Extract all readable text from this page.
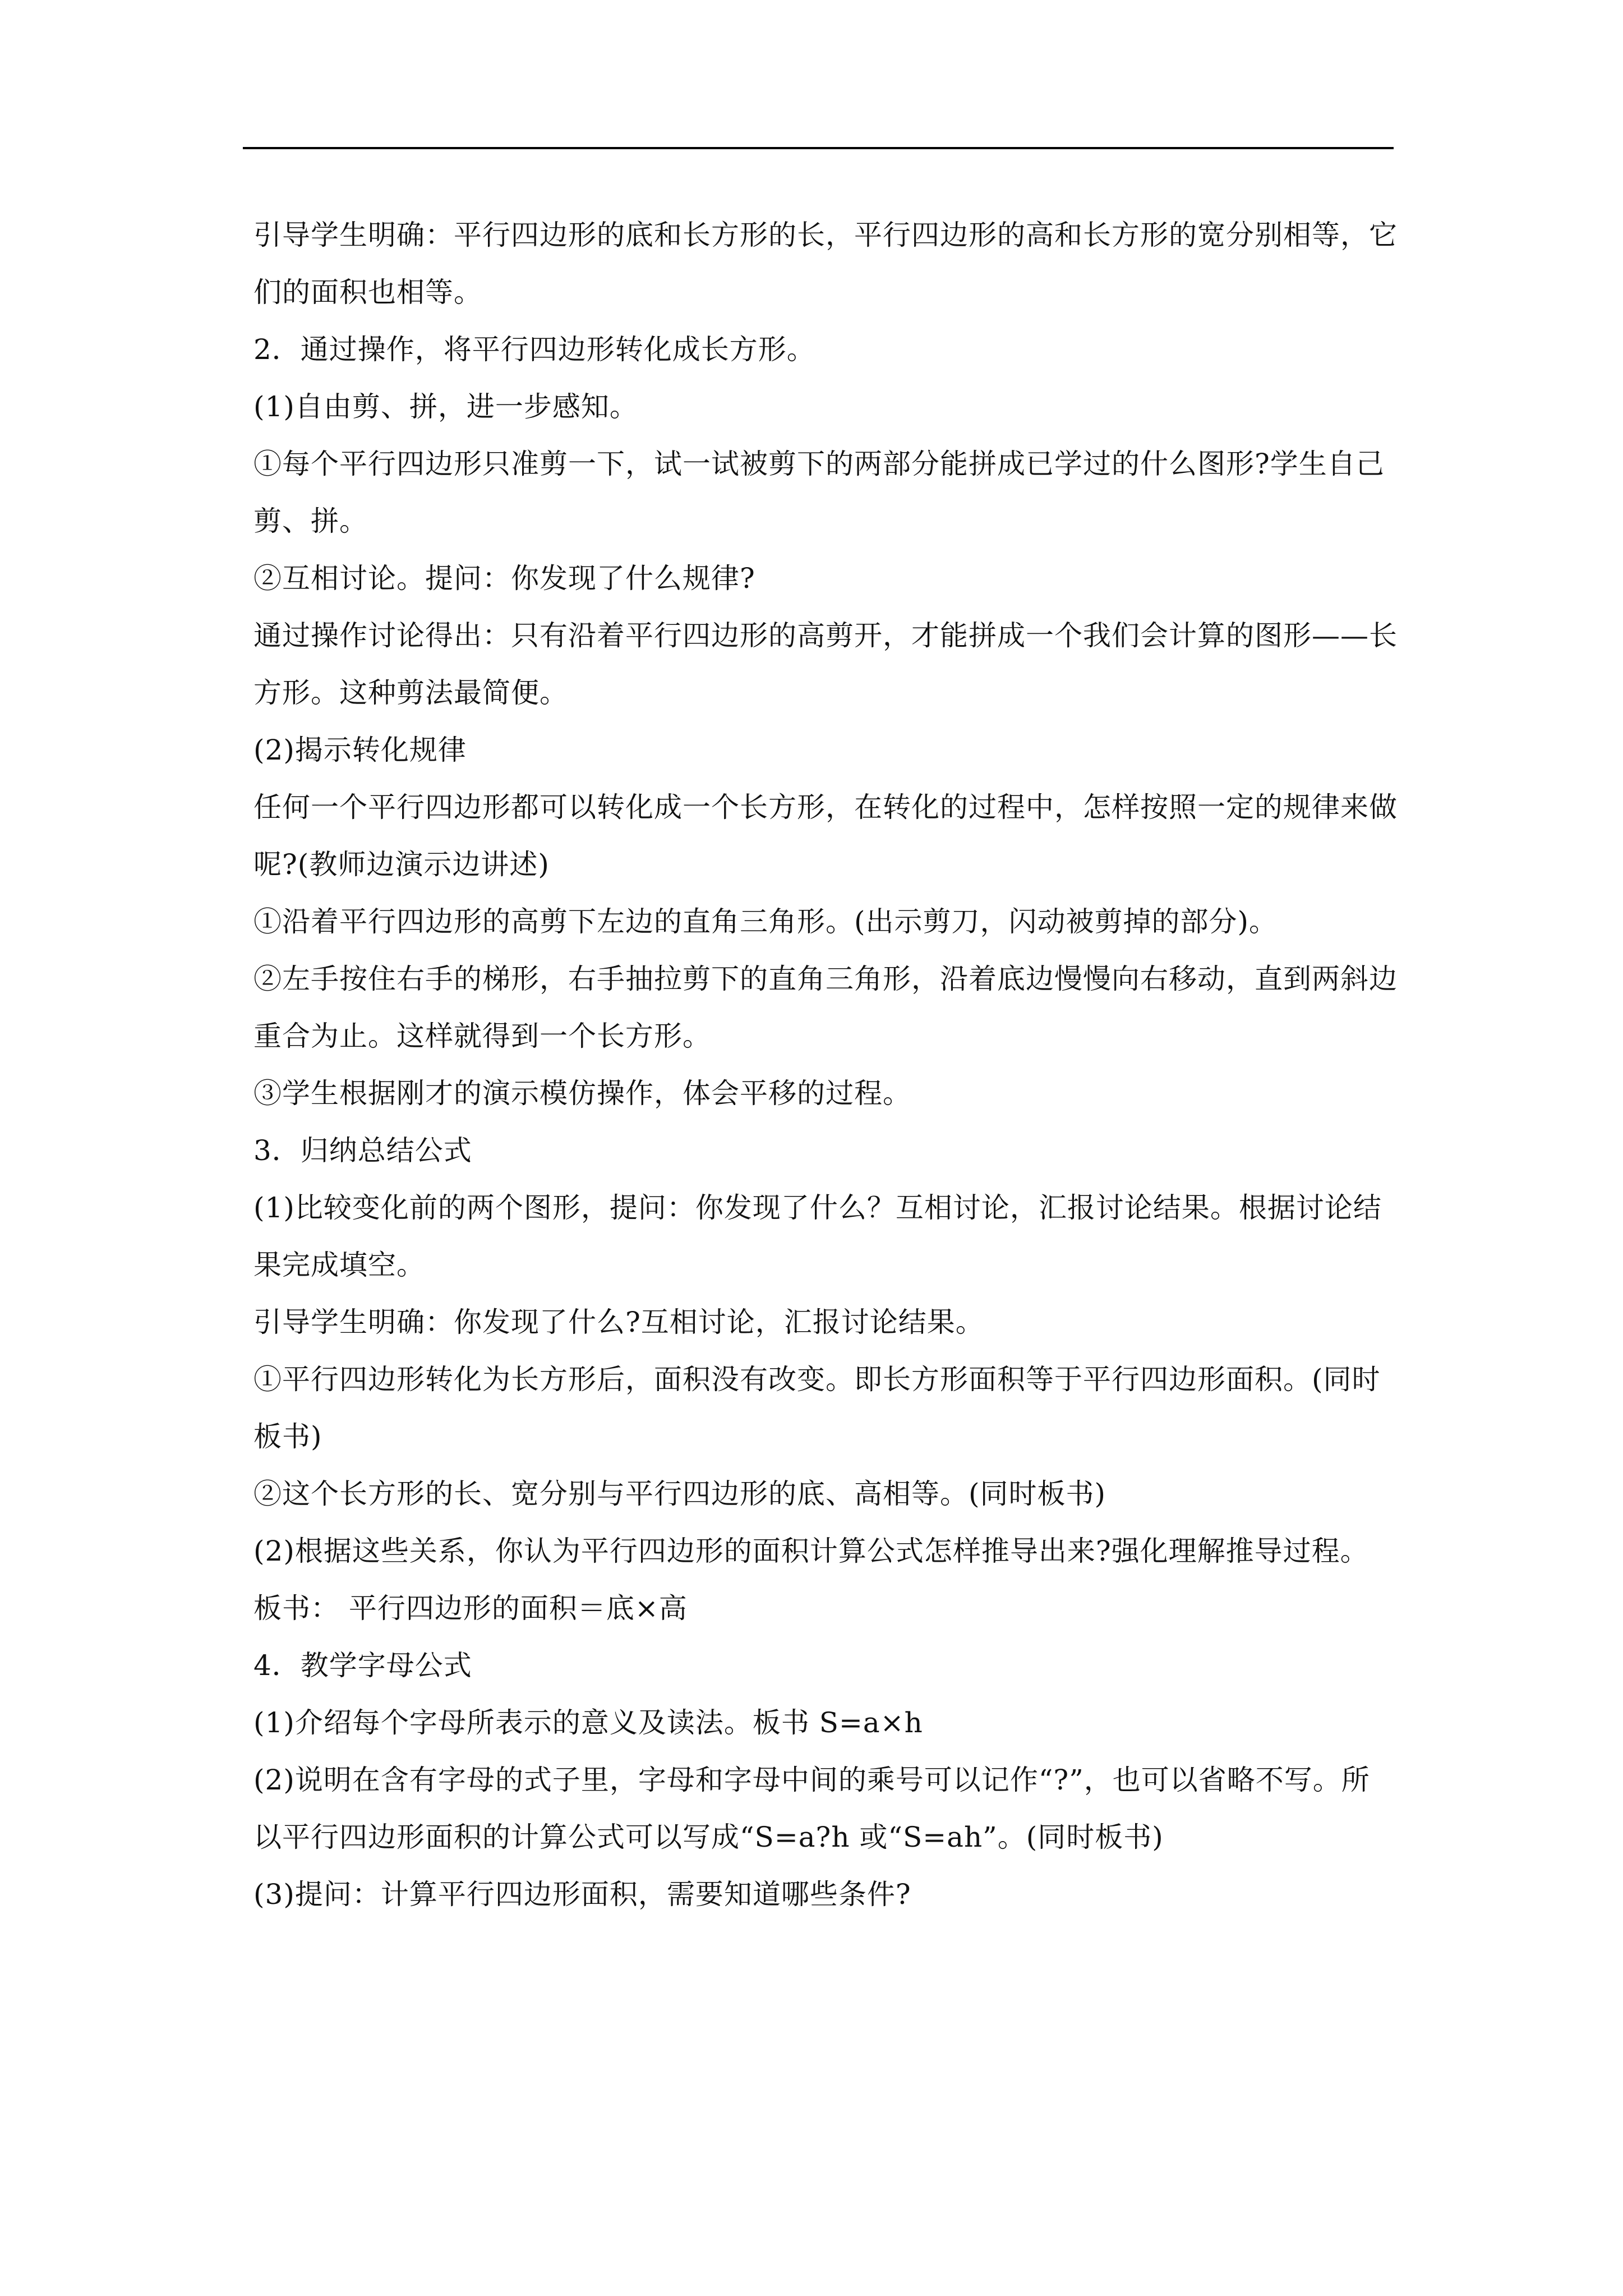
引导学生明确：平行四边形的底和长方形的长，平行四边形的高和长方形的宽分别相等，它

们的面积也相等。

2．通过操作，将平行四边形转化成长方形。

(1)自由剪、拼，进一步感知。

①每个平行四边形只准剪一下，试一试被剪下的两部分能拼成已学过的什么图形?学生自己

剪、拼。

②互相讨论。提问：你发现了什么规律?

通过操作讨论得出：只有沿着平行四边形的高剪开，才能拼成一个我们会计算的图形——长

方形。这种剪法最简便。

(2)揭示转化规律

任何一个平行四边形都可以转化成一个长方形，在转化的过程中，怎样按照一定的规律来做

呢?(教师边演示边讲述)

①沿着平行四边形的高剪下左边的直角三角形。(出示剪刀，闪动被剪掉的部分)。

②左手按住右手的梯形，右手抽拉剪下的直角三角形，沿着底边慢慢向右移动，直到两斜边

重合为止。这样就得到一个长方形。

③学生根据刚才的演示模仿操作，体会平移的过程。

3．归纳总结公式

(1)比较变化前的两个图形，提问：你发现了什么？互相讨论，汇报讨论结果。根据讨论结

果完成填空。

引导学生明确：你发现了什么?互相讨论，汇报讨论结果。

①平行四边形转化为长方形后，面积没有改变。即长方形面积等于平行四边形面积。(同时

板书)

②这个长方形的长、宽分别与平行四边形的底、高相等。(同时板书)

(2)根据这些关系，你认为平行四边形的面积计算公式怎样推导出来?强化理解推导过程。

板书： 平行四边形的面积＝底×高

4．教学字母公式

(1)介绍每个字母所表示的意义及读法。板书 S=a×h

(2)说明在含有字母的式子里，字母和字母中间的乘号可以记作“?”，也可以省略不写。所

以平行四边形面积的计算公式可以写成“S=a?h 或“S=ah”。(同时板书)

(3)提问：计算平行四边形面积，需要知道哪些条件?
